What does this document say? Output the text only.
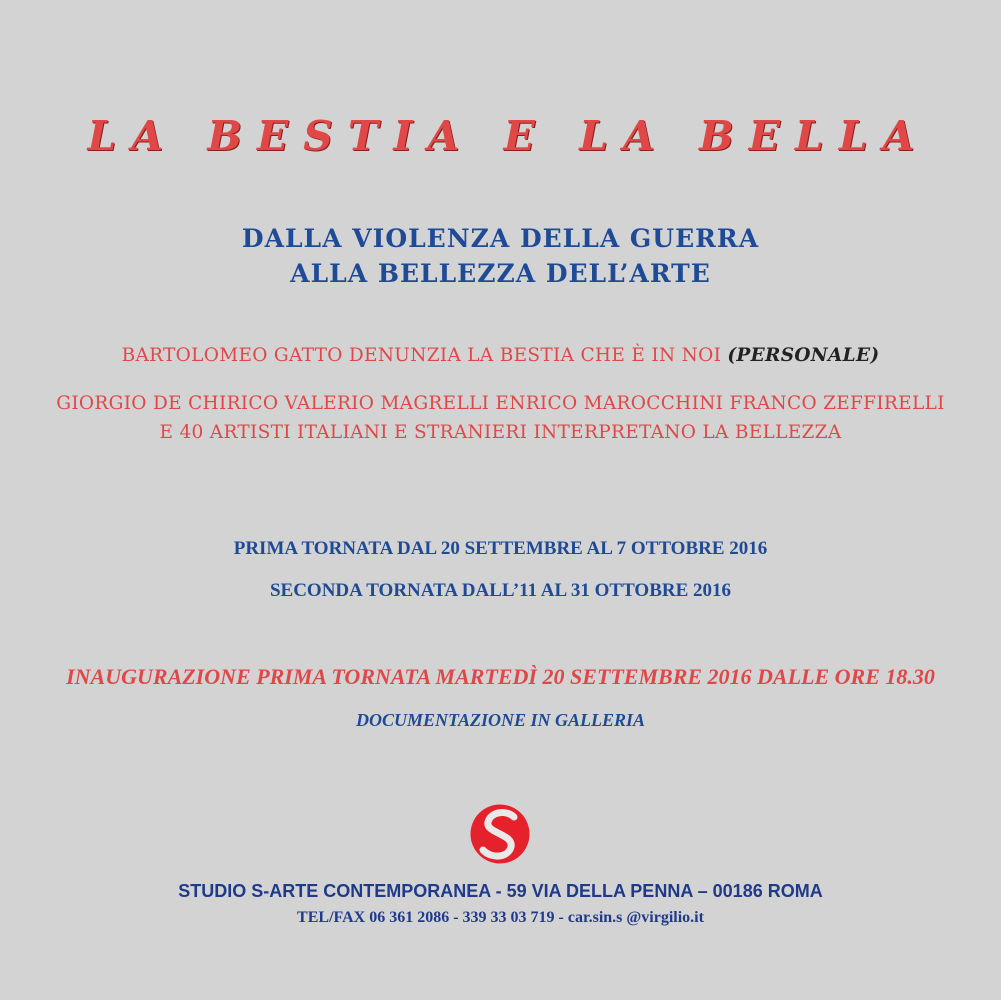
LA BESTIA E LA BELLA
DALLA VIOLENZA DELLA GUERRA
ALLA BELLEZZA DELL’ARTE
BARTOLOMEO GATTO DENUNZIA LA BESTIA CHE È IN NOI (PERSONALE)
GIORGIO DE CHIRICO VALERIO MAGRELLI ENRICO MAROCCHINI FRANCO ZEFFIRELLI
E 40 ARTISTI ITALIANI E STRANIERI INTERPRETANO LA BELLEZZA
PRIMA TORNATA DAL 20 SETTEMBRE AL 7 OTTOBRE 2016
SECONDA TORNATA DALL’11 AL 31 OTTOBRE 2016
INAUGURAZIONE PRIMA TORNATA MARTEDÌ 20 SETTEMBRE 2016 DALLE ORE 18.30
DOCUMENTAZIONE IN GALLERIA
STUDIO S-ARTE CONTEMPORANEA - 59 VIA DELLA PENNA – 00186 ROMA
TEL/FAX 06 361 2086 - 339 33 03 719 - car.sin.s @virgilio.it
